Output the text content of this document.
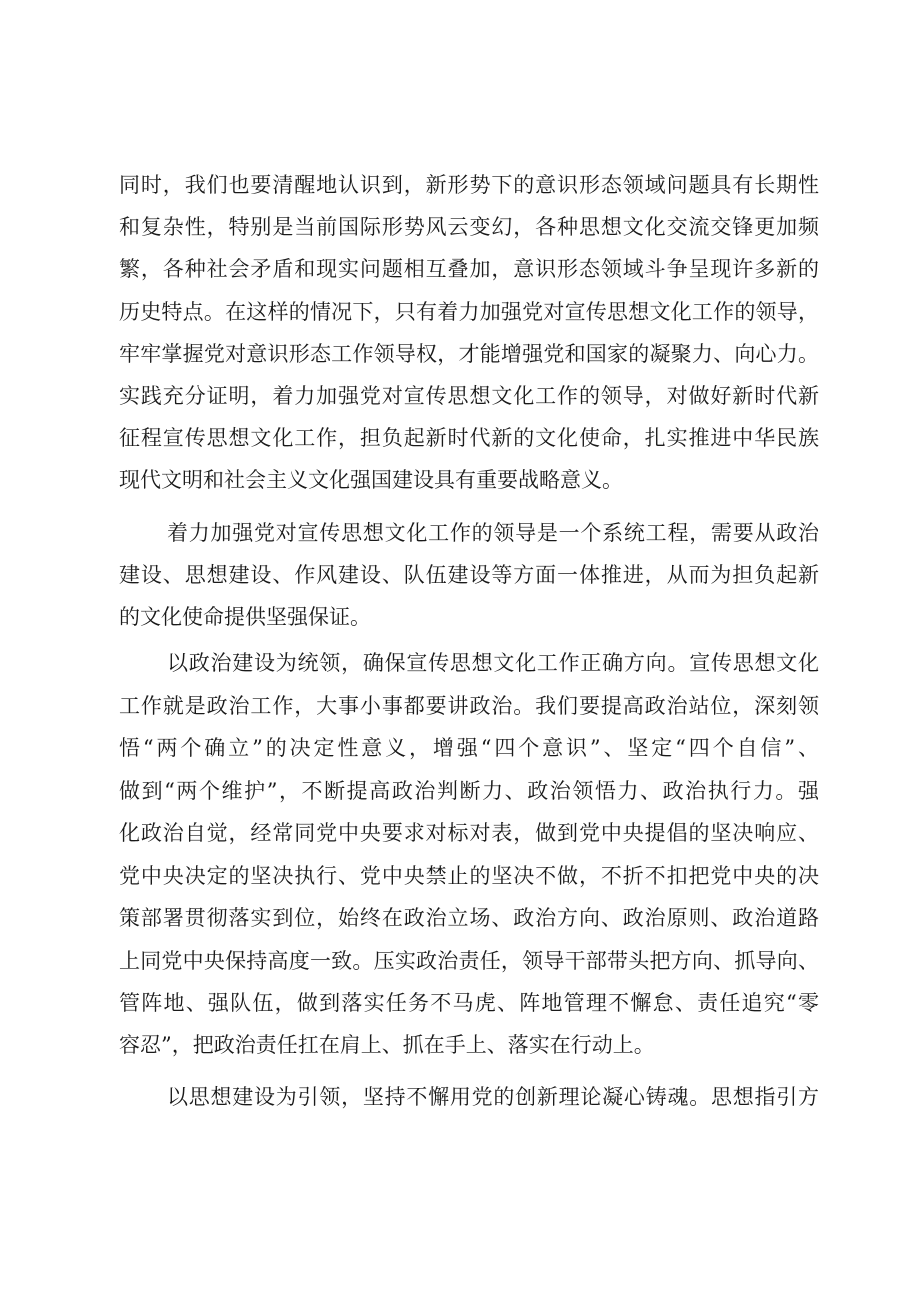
同时，我们也要清醒地认识到，新形势下的意识形态领域问题具有长期性
和复杂性，特别是当前国际形势风云变幻，各种思想文化交流交锋更加频
繁，各种社会矛盾和现实问题相互叠加，意识形态领域斗争呈现许多新的
历史特点。在这样的情况下，只有着力加强党对宣传思想文化工作的领导，
牢牢掌握党对意识形态工作领导权，才能增强党和国家的凝聚力、向心力。
实践充分证明，着力加强党对宣传思想文化工作的领导，对做好新时代新
征程宣传思想文化工作，担负起新时代新的文化使命，扎实推进中华民族
现代文明和社会主义文化强国建设具有重要战略意义。
着力加强党对宣传思想文化工作的领导是一个系统工程，需要从政治
建设、思想建设、作风建设、队伍建设等方面一体推进，从而为担负起新
的文化使命提供坚强保证。
以政治建设为统领，确保宣传思想文化工作正确方向。宣传思想文化
工作就是政治工作，大事小事都要讲政治。我们要提高政治站位，深刻领
悟“两个确立”的决定性意义，增强“四个意识”、坚定“四个自信”、
做到“两个维护”，不断提高政治判断力、政治领悟力、政治执行力。强
化政治自觉，经常同党中央要求对标对表，做到党中央提倡的坚决响应、
党中央决定的坚决执行、党中央禁止的坚决不做，不折不扣把党中央的决
策部署贯彻落实到位，始终在政治立场、政治方向、政治原则、政治道路
上同党中央保持高度一致。压实政治责任，领导干部带头把方向、抓导向、
管阵地、强队伍，做到落实任务不马虎、阵地管理不懈怠、责任追究“零
容忍”，把政治责任扛在肩上、抓在手上、落实在行动上。
以思想建设为引领，坚持不懈用党的创新理论凝心铸魂。思想指引方
